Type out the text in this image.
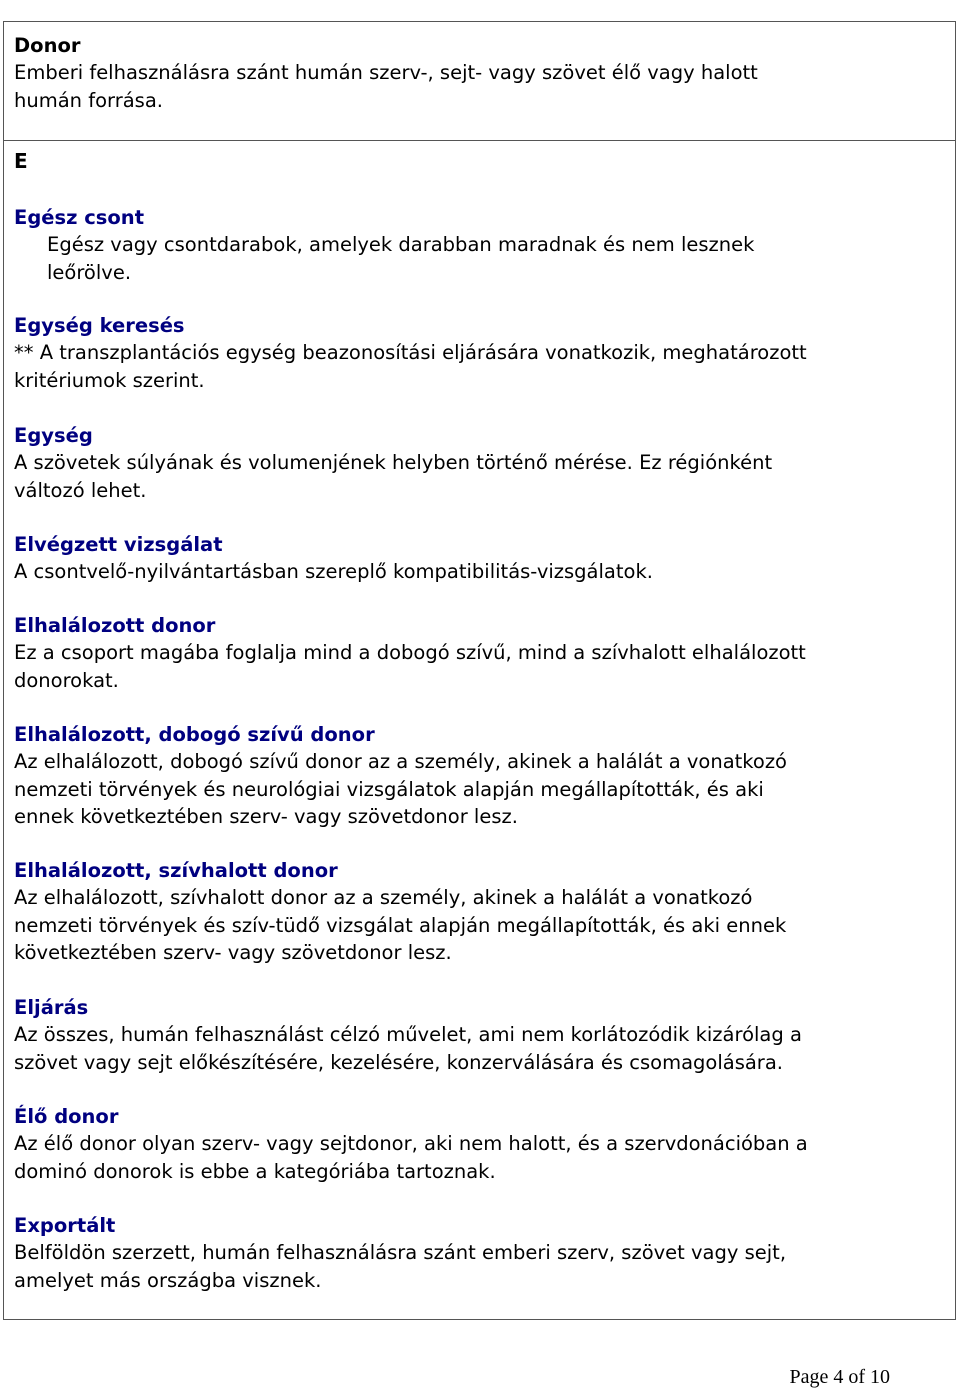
Donor
Emberi felhasználásra szánt humán szerv-, sejt- vagy szövet élő vagy halott
humán forrása.
E
Egész csont
Egész vagy csontdarabok, amelyek darabban maradnak és nem lesznek
leőrölve.
Egység keresés
** A transzplantációs egység beazonosítási eljárására vonatkozik, meghatározott
kritériumok szerint.
Egység
A szövetek súlyának és volumenjének helyben történő mérése. Ez régiónként
változó lehet.
Elvégzett vizsgálat
A csontvelő-nyilvántartásban szereplő kompatibilitás-vizsgálatok.
Elhalálozott donor
Ez a csoport magába foglalja mind a dobogó szívű, mind a szívhalott elhalálozott
donorokat.
Elhalálozott, dobogó szívű donor
Az elhalálozott, dobogó szívű donor az a személy, akinek a halálát a vonatkozó
nemzeti törvények és neurológiai vizsgálatok alapján megállapították, és aki
ennek következtében szerv- vagy szövetdonor lesz.
Elhalálozott, szívhalott donor
Az elhalálozott, szívhalott donor az a személy, akinek a halálát a vonatkozó
nemzeti törvények és szív-tüdő vizsgálat alapján megállapították, és aki ennek
következtében szerv- vagy szövetdonor lesz.
Eljárás
Az összes, humán felhasználást célzó művelet, ami nem korlátozódik kizárólag a
szövet vagy sejt előkészítésére, kezelésére, konzerválására és csomagolására.
Élő donor
Az élő donor olyan szerv- vagy sejtdonor, aki nem halott, és a szervdonációban a
dominó donorok is ebbe a kategóriába tartoznak.
Exportált
Belföldön szerzett, humán felhasználásra szánt emberi szerv, szövet vagy sejt,
amelyet más országba visznek.
Page 4 of 10
